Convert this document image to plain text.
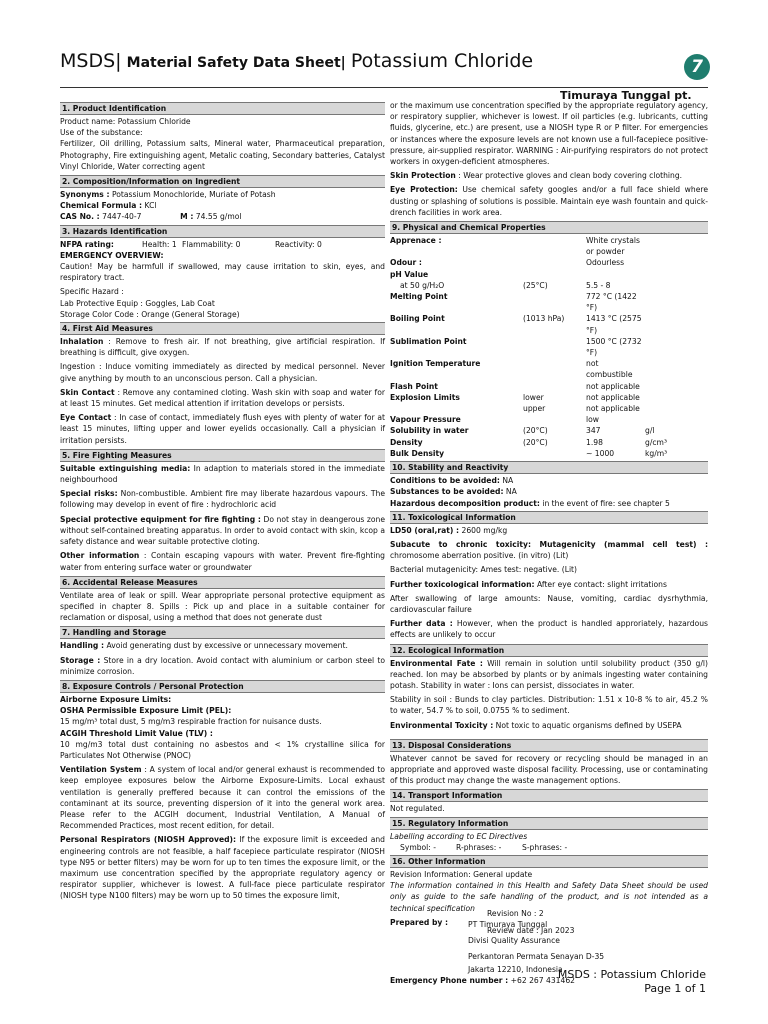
MSDS| Material Safety Data Sheet| Potassium Chloride	7
Timuraya Tunggal pt.
1. Product Identification
Product name: Potassium Chloride
Use of the substance:

Fertilizer, Oil drilling, Potassium salts, Mineral water, Pharmaceutical preparation, Photography, Fire extinguishing agent, Metalic coating, Secondary batteries, Catalyst Vinyl Chloride, Water correcting agent

2. Composition/Information on Ingredient
Synonyms : Potassium Monochloride, Muriate of Potash
Chemical Formula : KCl
CAS No. : 7447-40-7	M : 74.55 g/mol
3. Hazards Identification
NFPA rating:	Health: 1 Flammability: 0	Reactivity: 0
EMERGENCY OVERVIEW:

Caution! May be harmfull if swallowed, may cause irritation to skin, eyes, and respiratory tract.

Specific Hazard :
Lab Protective Equip : Goggles, Lab Coat
Storage Color Code : Orange (General Storage)
4. First Aid Measures

Inhalation : Remove to fresh air. If not breathing, give artificial respiration. If breathing is difficult, give oxygen.

Ingestion : Induce vomiting immediately as directed by medical personnel. Never give anything by mouth to an unconscious person. Call a physician.

Skin Contact : Remove any contamined cloting. Wash skin with soap and water for at least 15 minutes. Get medical attention if irritation develops or persists.

Eye Contact : In case of contact, immediately flush eyes with plenty of water for at least 15 minutes, lifting upper and lower eyelids occasionally. Call a physician if irritation persists.

5. Fire Fighting Measures

Suitable extinguishing media: In adaption to materials stored in the immediate neighbourhood

Special risks: Non-combustible. Ambient fire may liberate hazardous vapours. The following may develop in event of fire : hydrochloric acid

Special protective equipment for fire fighting : Do not stay in deangerous zone without self-contained breating apparatus. In order to avoid contact with skin, kcop a safety distance and wear suitable protective cloting.

Other information : Contain escaping vapours with water. Prevent fire-fighting water from entering surface water or groundwater

6. Accidental Release Measures

Ventilate area of leak or spill. Wear appropriate personal protective equipment as specified in chapter 8. Spills : Pick up and place in a suitable container for reclamation or disposal, using a method that does not generate dust

7. Handling and Storage

Handling : Avoid generating dust by excessive or unnecessary movement.

Storage : Store in a dry location. Avoid contact with aluminium or carbon steel to minimize corrosion.

8. Exposure Controls / Personal Protection
Airborne Exposure Limits:
OSHA Permissible Exposure Limit (PEL):
15 mg/m³ total dust, 5 mg/m3 respirable fraction for nuisance dusts.
ACGIH Threshold Limit Value (TLV) :

10 mg/m3 total dust containing no asbestos and < 1% crystalline silica for Particulates Not Otherwise (PNOC)

Ventilation System : A system of local and/or general exhaust is recommended to keep employee exposures below the Airborne Exposure-Limits. Local exhaust ventilation is generally preffered because it can control the emissions of the contaminant at its source, preventing dispersion of it into the general work area. Please refer to the ACGIH document, Industrial Ventilation, A Manual of Recommended Practices, most recent edition, for detail.

Personal Respirators (NIOSH Approved): If the exposure limit is exceeded and engineering controls are not feasible, a half facepiece particulate respirator (NIOSH type N95 or better filters) may be worn for up to ten times the exposure limit, or the maximum use concentration specified by the appropriate regulatory agency or respirator supplier, whichever is lowest. A full-face piece particulate respirator (NIOSH type N100 filters) may be worn up to 50 times the exposure limit,

or the maximum use concentration specified by the appropriate regulatory agency, or respiratory supplier, whichever is lowest. If oil particles (e.g. lubricants, cutting fluids, glycerine, etc.) are present, use a NIOSH type R or P filter. For emergencies or instances where the exposure levels are not known use a full-facepiece positive-pressure, air-supplied respirator. WARNING : Air-purifying respirators do not protect workers in oxygen-deficient atmospheres.

Skin Protection : Wear protective gloves and clean body covering clothing.

Eye Protection: Use chemical safety googles and/or a full face shield where dusting or splashing of solutions is possible. Maintain eye wash fountain and quick-drench facilities in work area.

9. Physical and Chemical Properties
Apprenace :	White crystals or powder
Odour :	Odourless
pH Value
at 50 g/H₂O	(25°C)	5.5 - 8
Melting Point	772 °C (1422 °F)
Boiling Point	(1013 hPa)	1413 °C (2575 °F)
Sublimation Point	1500 °C (2732 °F)
Ignition Temperature	not combustible
Flash Point	not applicable
Explosion Limits	lower	not applicable
upper	not applicable
Vapour Pressure	low
Solubility in water	(20°C)	347	g/l
Density	(20°C)	1.98	g/cm³
Bulk Density	~ 1000	kg/m³
10. Stability and Reactivity
Conditions to be avoided: NA
Substances to be avoided: NA
Hazardous decomposition product: in the event of fire: see chapter 5
11. Toxicological Information

LD50 (oral,rat) : 2600 mg/kg

Subacute to chronic toxicity: Mutagenicity (mammal cell test) : chromosome aberration positive. (in vitro) (Lit)

Bacterial mutagenicity: Ames test: negative. (Lit)

Further toxicological information: After eye contact: slight irritations

After swallowing of large amounts: Nause, vomiting, cardiac dysrhythmia, cardiovascular failure

Further data : However, when the product is handled approriately, hazardous effects are unlikely to occur

12. Ecological Information

Environmental Fate : Will remain in solution until solubility product (350 g/l) reached. Ion may be absorbed by plants or by animals ingesting water containing potash. Stability in water : Ions can persist, dissociates in water.

Stability in soil : Bunds to clay particles. Distribution: 1.51 x 10-8 % to air, 45.2 % to water, 54.7 % to soil, 0.0755 % to sediment.

Environmental Toxicity : Not toxic to aquatic organisms defined by USEPA

13. Disposal Considerations

Whatever cannot be saved for recovery or recycling should be managed in an appropriate and approved waste disposal facility. Processing, use or contaminating of this product may change the waste management options.

14. Transport Information
Not regulated.
15. Regulatory Information
Labelling according to EC Directives
Symbol: -	R-phrases: -	S-phrases: -
16. Other Information
Revision Information: General update

The information contained in this Health and Safety Data Sheet should be used only as guide to the safe handling of the product, and is not intended as a technical specification

Prepared by :	PT Timuraya Tunggal
Divisi Quality Assurance
Perkantoran Permata Senayan D-35
Jakarta 12210, Indonesia
Emergency Phone number : +62 267 431462
Revision No : 2
Review date : Jan 2023
MSDS : Potassium Chloride
Page 1 of 1
